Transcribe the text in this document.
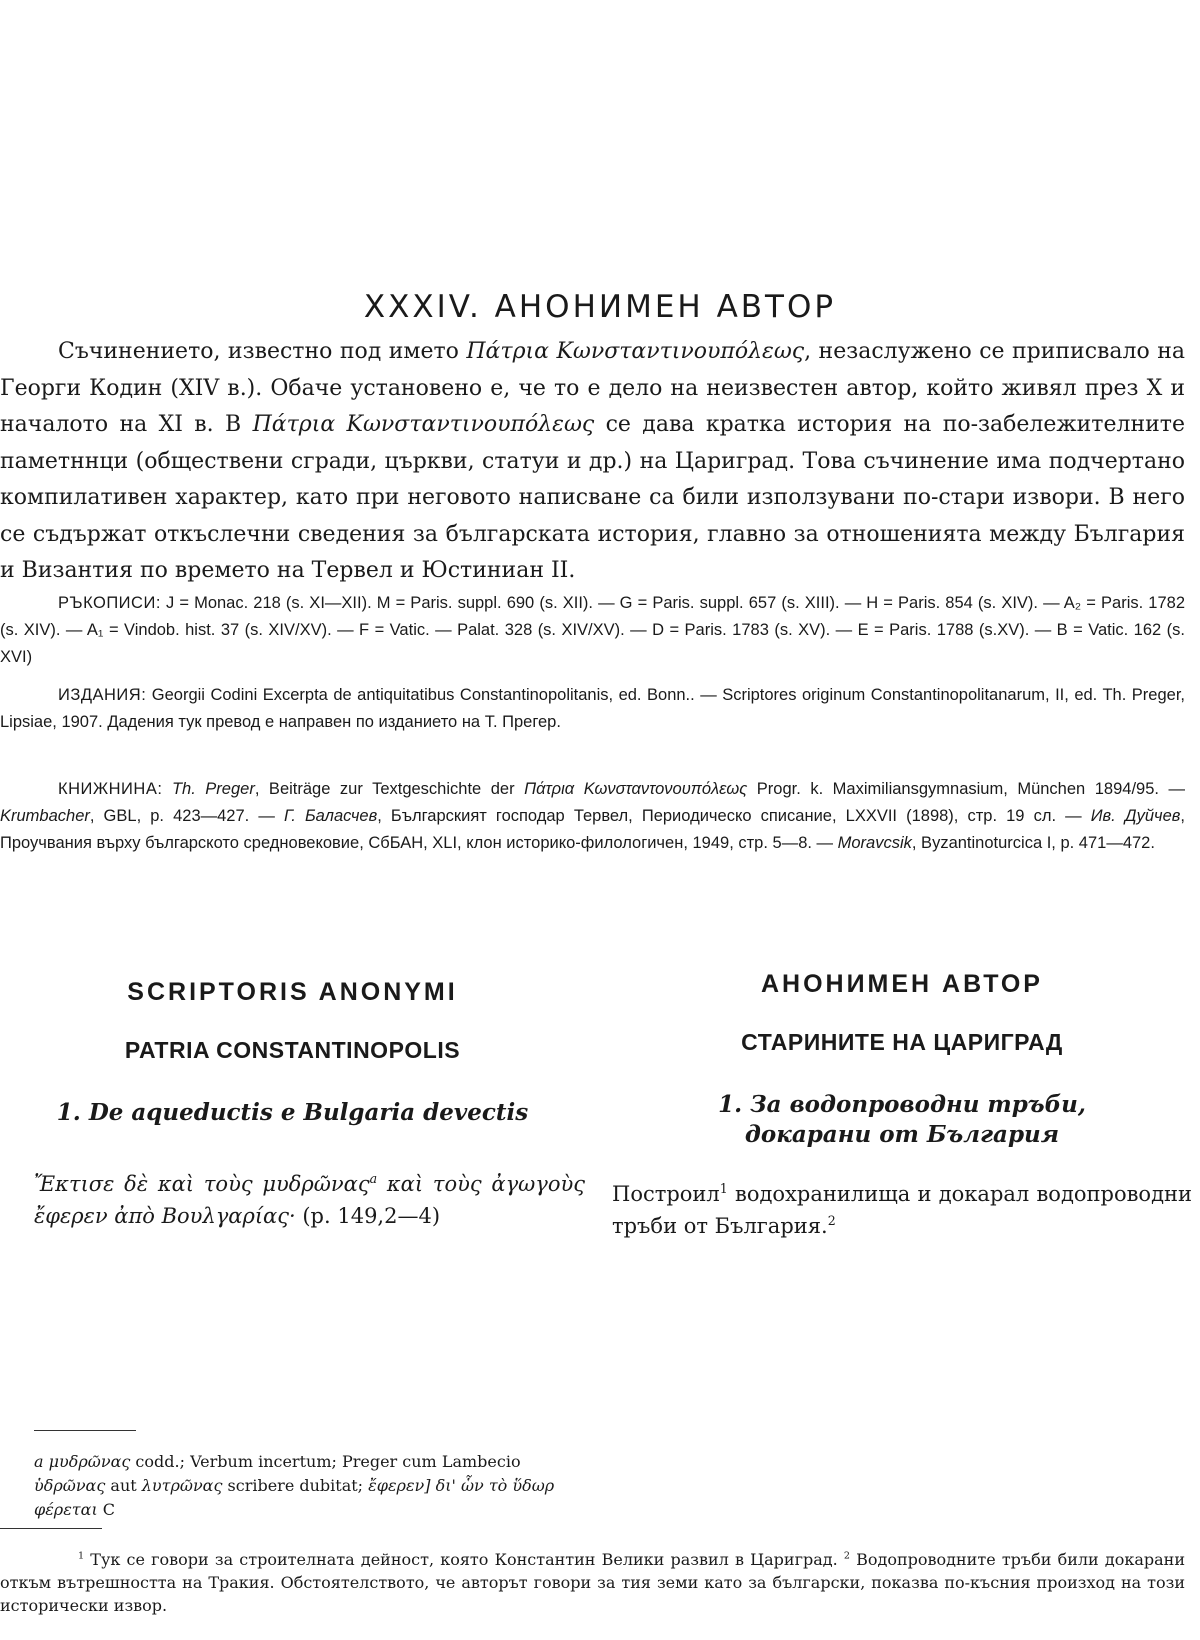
XXXIV. АНОНИМЕН АВТОР

Съчинението, известно под името Πάτρια Κωνσταντινουπόλεως, незаслужено се приписвало на Георги Кодин (XIV в.). Обаче установено е, че то е дело на неизвестен автор, който живял през X и началото на XI в. В Πάτρια Κωνσταντινουπόλεως се дава кратка история на по-забележителните паметннци (обществени сгради, църкви, статуи и др.) на Цариград. Това съчинение има подчертано компилативен характер, като при неговото написване са били използувани по-стари извори. В него се съдържат откъслечни сведения за българската история, главно за отношенията между България и Византия по времето на Тервел и Юстиниан II.

РЪКОПИСИ: J = Monac. 218 (s. XI—XII). M = Paris. suppl. 690 (s. XII). — G = Paris. suppl. 657 (s. XIII). — H = Paris. 854 (s. XIV). — A₂ = Paris. 1782 (s. XIV). — A₁ = Vindob. hist. 37 (s. XIV/XV). — F = Vatic. — Palat. 328 (s. XIV/XV). — D = Paris. 1783 (s. XV). — E = Paris. 1788 (s.XV). — B = Vatic. 162 (s. XVI)

ИЗДАНИЯ: Georgii Codini Excerpta de antiquitatibus Constantinopolitanis, ed. Bonn.. — Scriptores originum Constantinopolitanarum, II, ed. Th. Preger, Lipsiae, 1907. Дадения тук превод е направен по изданието на Т. Прегер.

КНИЖНИНА: Th. Preger, Beiträge zur Textgeschichte der Πάτρια Κωνσταντονουπόλεως Progr. k. Maximiliansgymnasium, München 1894/95. — Krumbacher, GBL, p. 423—427. — Г. Баласчев, Българският господар Тервел, Периодическо списание, LXXVII (1898), стр. 19 сл. — Ив. Дуйчев, Проучвания върху българското средновековие, СбБАН, XLI, клон историко-филологичен, 1949, стр. 5—8. — Moravcsik, Byzantinoturcica I, p. 471—472.

SCRIPTORIS ANONYMI
PATRIA CONSTANTINOPOLIS
1. De aqueductis e Bulgaria devectis

Ἔκτισε δὲ καὶ τοὺς μυδρῶνας$^a$ καὶ τοὺς ἀγωγοὺς ἔφερεν ἀπὸ Βουλγαρίας· (p. 149,2—4)

АНОНИМЕН АВТОР
СТАРИНИТЕ НА ЦАРИГРАД
1. За водопроводни тръби, докарани от България

Построил$^1$ водохранилища и докарал водопроводни тръби от България.$^2$

a μυδρῶνας codd.; Verbum incertum; Preger cum Lambecio ὑδρῶνας aut λυτρῶνας scribere dubitat; ἔφερεν] δι' ὧν τὸ ὕδωρ φέρεται C

$^1$ Тук се говори за строителната дейност, която Константин Велики развил в Цариград. $^2$ Водопроводните тръби били докарани откъм вътрешността на Тракия. Обстоятелството, че авторът говори за тия земи като за български, показва по-късния произход на този исторически извор.
